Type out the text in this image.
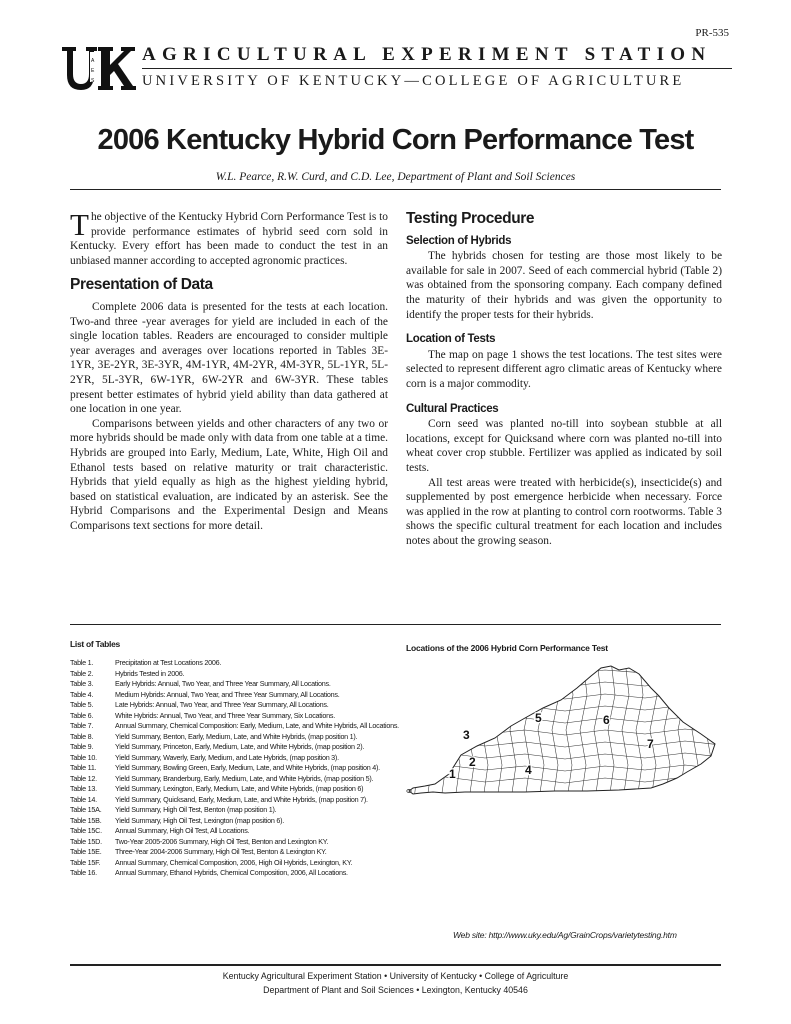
PR-535
A
E
S
AGRICULTURAL EXPERIMENT STATION
UNIVERSITY OF KENTUCKY—COLLEGE OF AGRICULTURE
2006 Kentucky Hybrid Corn Performance Test
W.L. Pearce, R.W. Curd, and C.D. Lee, Department of Plant and Soil Sciences

The objective of the Kentucky Hybrid Corn Performance Test is to provide performance estimates of hybrid seed corn sold in Kentucky. Every effort has been made to conduct the test in an unbiased manner according to accepted agronomic practices.

Presentation of Data

Complete 2006 data is presented for the tests at each location. Two-and three -year averages for yield are included in each of the single location tables. Readers are encouraged to consider multiple year averages and averages over locations reported in Tables 3E-1YR, 3E-2YR, 3E-3YR, 4M-1YR, 4M-2YR, 4M-3YR, 5L-1YR, 5L-2YR, 5L-3YR, 6W-1YR, 6W-2YR and 6W-3YR. These tables present better estimates of hybrid yield ability than data gathered at one location in one year.

Comparisons between yields and other characters of any two or more hybrids should be made only with data from one table at a time. Hybrids are grouped into Early, Medium, Late, White, High Oil and Ethanol tests based on relative maturity or trait characteristic. Hybrids that yield equally as high as the highest yielding hybrid, based on statistical evaluation, are indicated by an asterisk. See the Hybrid Comparisons and the Experimental Design and Means Comparisons text sections for more detail.

Testing Procedure
Selection of Hybrids

The hybrids chosen for testing are those most likely to be available for sale in 2007. Seed of each commercial hybrid (Table 2) was obtained from the sponsoring company. Each company defined the maturity of their hybrids and was given the opportunity to identify the proper tests for their hybrids.

Location of Tests

The map on page 1 shows the test locations. The test sites were selected to represent different agro climatic areas of Kentucky where corn is a major commodity.

Cultural Practices

Corn seed was planted no-till into soybean stubble at all locations, except for Quicksand where corn was planted no-till into wheat cover crop stubble. Fertilizer was applied as indicated by soil tests.

All test areas were treated with herbicide(s), insecticide(s) and supplemented by post emergence herbicide when necessary. Force was applied in the row at planting to control corn rootworms. Table 3 shows the specific cultural treatment for each location and includes notes about the growing season.

List of Tables
Table 1.	Precipitation at Test Locations 2006.
Table 2.	Hybrids Tested in 2006.
Table 3.	Early Hybrids: Annual, Two Year, and Three Year Summary, All Locations.
Table 4.	Medium Hybrids: Annual, Two Year, and Three Year Summary, All Locations.
Table 5.	Late Hybrids: Annual, Two Year, and Three Year Summary, All Locations.
Table 6.	White Hybrids: Annual, Two Year, and Three Year Summary, Six Locations.
Table 7.	Annual Summary, Chemical Composition: Early, Medium, Late, and White Hybrids, All Locations.
Table 8.	Yield Summary, Benton, Early, Medium, Late, and White Hybrids, (map position 1).
Table 9.	Yield Summary, Princeton, Early, Medium, Late, and White Hybrids, (map position 2).
Table 10.	Yield Summary, Waverly, Early, Medium, and Late Hybrids, (map position 3).
Table 11.	Yield Summary, Bowling Green, Early, Medium, Late, and White Hybrids, (map position 4).
Table 12.	Yield Summary, Branderburg, Early, Medium, Late, and White Hybrids, (map position 5).
Table 13.	Yield Summary, Lexington, Early, Medium, Late, and White Hybrids, (map position 6)
Table 14.	Yield Summary, Quicksand, Early, Medium, Late, and White Hybrids, (map position 7).
Table 15A.	Yield Summary, High Oil Test, Benton (map position 1).
Table 15B.	Yield Summary, High Oil Test, Lexington (map position 6).
Table 15C.	Annual Summary, High Oil Test, All Locations.
Table 15D.	Two-Year 2005-2006 Summary, High Oil Test, Benton and Lexington KY.
Table 15E.	Three-Year 2004-2006 Summary, High Oil Test, Benton & Lexington KY.
Table 15F.	Annual Summary, Chemical Composition, 2006, High Oil Hybrids, Lexington, KY.
Table 16.	Annual Summary, Ethanol Hybrids, Chemical Composition, 2006, All Locations.
Locations of the 2006 Hybrid Corn Performance Test
1
2
3
4
5	6
7
Web site: http://www.uky.edu/Ag/GrainCrops/varietytesting.htm
Kentucky Agricultural Experiment Station • University of Kentucky • College of Agriculture
Department of Plant and Soil Sciences • Lexington, Kentucky 40546
